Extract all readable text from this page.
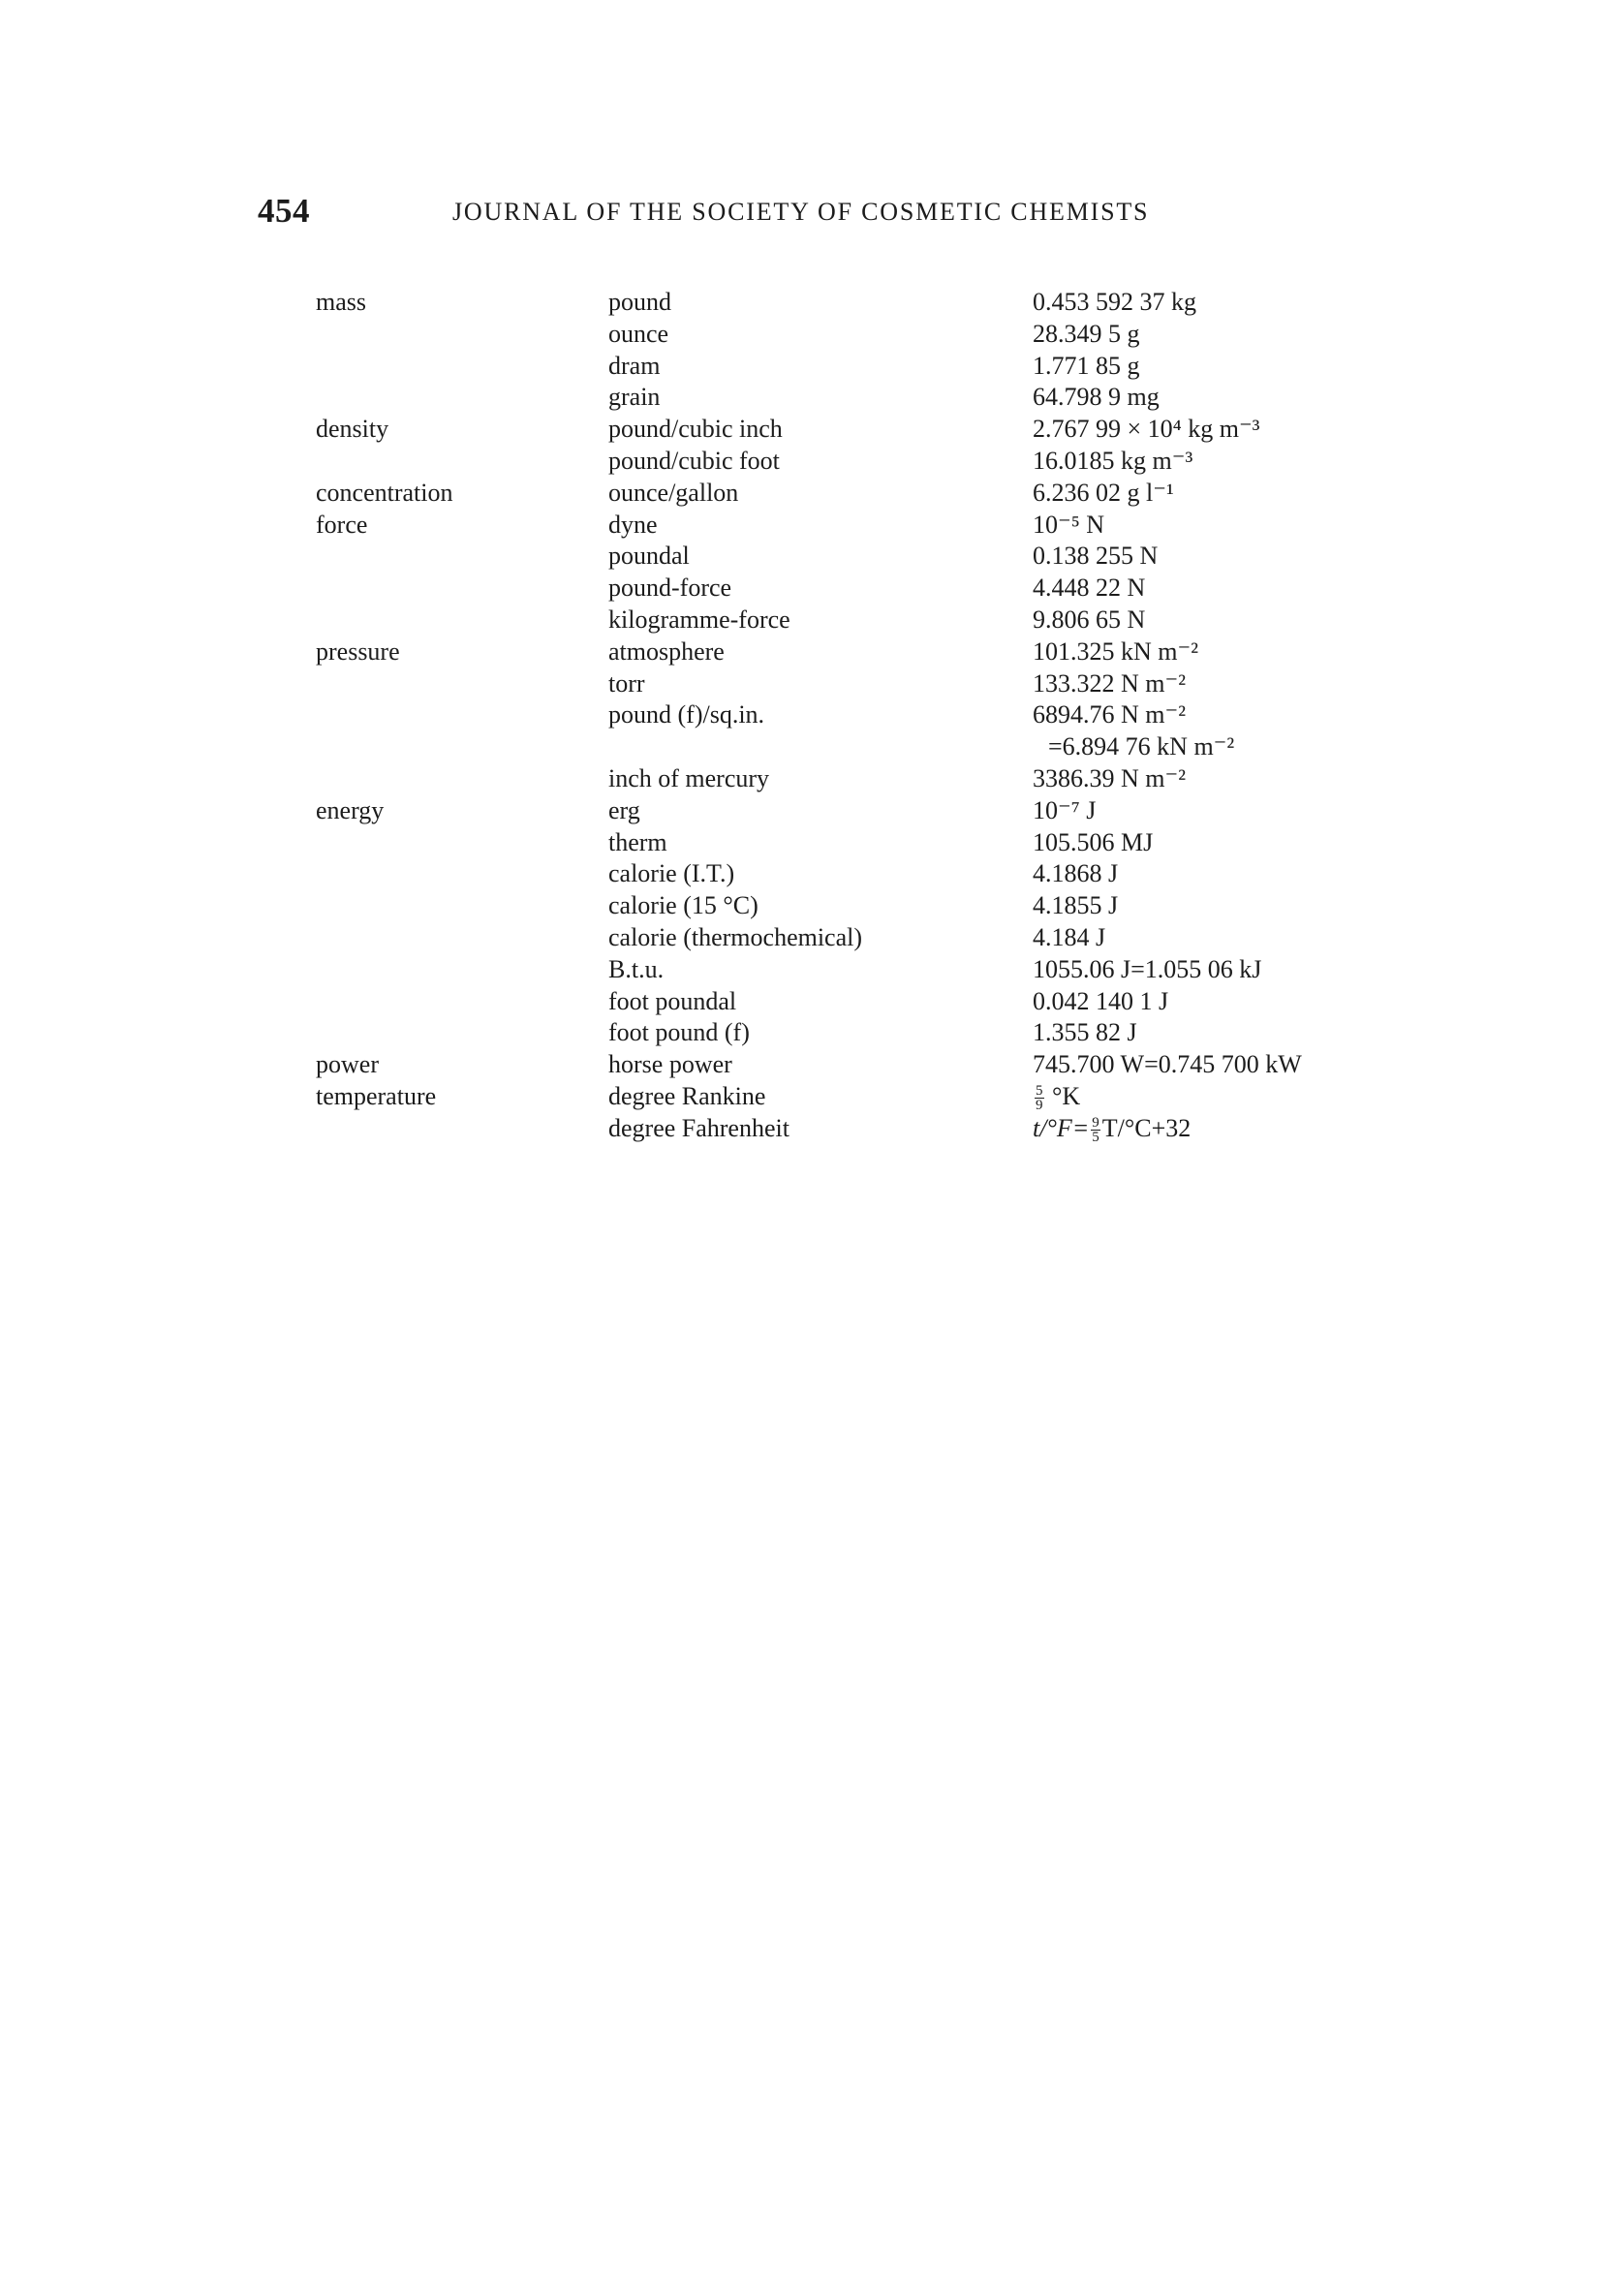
454	JOURNAL OF THE SOCIETY OF COSMETIC CHEMISTS
mass	pound	0.453 592 37 kg
	ounce	28.349 5 g
	dram	1.771 85 g
	grain	64.798 9 mg
density	pound/cubic inch	2.767 99 × 10⁴ kg m⁻³
	pound/cubic foot	16.0185 kg m⁻³
concentration	ounce/gallon	6.236 02 g l⁻¹
force	dyne	10⁻⁵ N
	poundal	0.138 255 N
	pound-force	4.448 22 N
	kilogramme-force	9.806 65 N
pressure	atmosphere	101.325 kN m⁻²
	torr	133.322 N m⁻²
	pound (f)/sq.in.	6894.76 N m⁻²
		=6.894 76 kN m⁻²
	inch of mercury	3386.39 N m⁻²
energy	erg	10⁻⁷ J
	therm	105.506 MJ
	calorie (I.T.)	4.1868 J
	calorie (15 °C)	4.1855 J
	calorie (thermochemical)	4.184 J
	B.t.u.	1055.06 J=1.055 06 kJ
	foot poundal	0.042 140 1 J
	foot pound (f)	1.355 82 J
power	horse power	745.700 W=0.745 700 kW
temperature	degree Rankine	$\frac{5}{9} ^\circ K$
	degree Fahrenheit	$t/^\circ F= \frac{9}{5} T/^\circ C+32$
